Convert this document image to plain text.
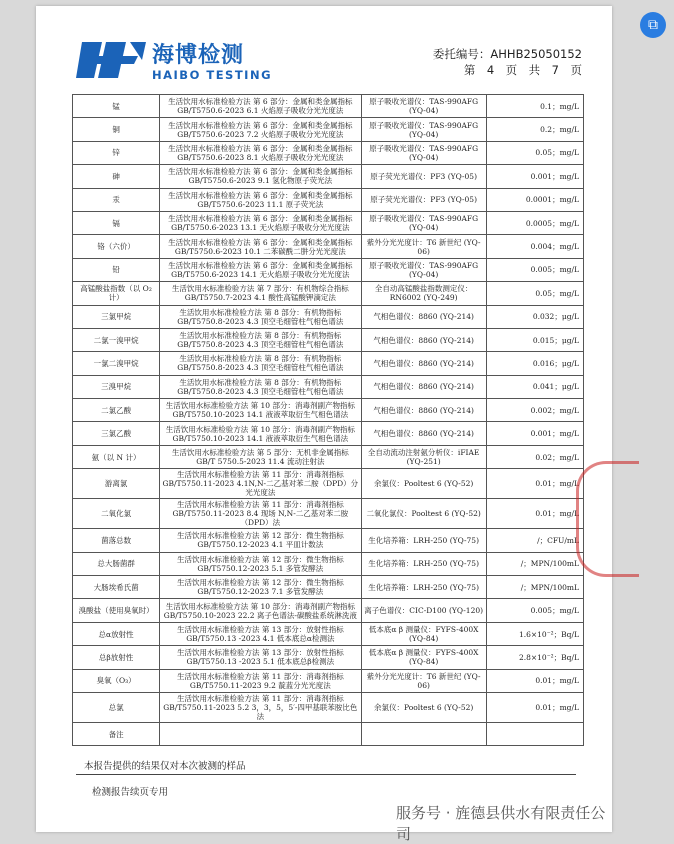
海博检测
HAIBO TESTING
委托编号：AHHB25050152
第　4　页　共　7　页
锰	生活饮用水标准检验方法 第 6 部分：金属和类金属指标 GB/T5750.6-2023 6.1 火焰原子吸收分光光度法	原子吸收光谱仪：TAS-990AFG (YQ-04)	0.1；mg/L
铜	生活饮用水标准检验方法 第 6 部分：金属和类金属指标 GB/T5750.6-2023 7.2 火焰原子吸收分光光度法	原子吸收光谱仪：TAS-990AFG (YQ-04)	0.2；mg/L
锌	生活饮用水标准检验方法 第 6 部分：金属和类金属指标 GB/T5750.6-2023 8.1 火焰原子吸收分光光度法	原子吸收光谱仪：TAS-990AFG (YQ-04)	0.05；mg/L
砷	生活饮用水标准检验方法 第 6 部分：金属和类金属指标 GB/T5750.6-2023 9.1 氢化物原子荧光法	原子荧光光谱仪：PF3 (YQ-05)	0.001；mg/L
汞	生活饮用水标准检验方法 第 6 部分：金属和类金属指标 GB/T5750.6-2023 11.1 原子荧光法	原子荧光光谱仪：PF3 (YQ-05)	0.0001；mg/L
镉	生活饮用水标准检验方法 第 6 部分：金属和类金属指标 GB/T5750.6-2023 13.1 无火焰原子吸收分光光度法	原子吸收光谱仪：TAS-990AFG (YQ-04)	0.0005；mg/L
铬（六价）	生活饮用水标准检验方法 第 6 部分：金属和类金属指标 GB/T5750.6-2023 10.1 二苯碳酰二肼分光光度法	紫外分光光度计：T6 新世纪 (YQ-06)	0.004；mg/L
铅	生活饮用水标准检验方法 第 6 部分：金属和类金属指标 GB/T5750.6-2023 14.1 无火焰原子吸收分光光度法	原子吸收光谱仪：TAS-990AFG (YQ-04)	0.005；mg/L
高锰酸盐指数（以 O₂计）	生活饮用水标准检验方法 第 7 部分：有机物综合指标 GB/T5750.7-2023 4.1 酸性高锰酸钾滴定法	全自动高锰酸盐指数测定仪：RN6002 (YQ-249)	0.05；mg/L
三氯甲烷	生活饮用水标准检验方法 第 8 部分：有机物指标 GB/T5750.8-2023 4.3 顶空毛细管柱气相色谱法	气相色谱仪：8860 (YQ-214)	0.032；μg/L
二氯一溴甲烷	生活饮用水标准检验方法 第 8 部分：有机物指标 GB/T5750.8-2023 4.3 顶空毛细管柱气相色谱法	气相色谱仪：8860 (YQ-214)	0.015；μg/L
一氯二溴甲烷	生活饮用水标准检验方法 第 8 部分：有机物指标 GB/T5750.8-2023 4.3 顶空毛细管柱气相色谱法	气相色谱仪：8860 (YQ-214)	0.016；μg/L
三溴甲烷	生活饮用水标准检验方法 第 8 部分：有机物指标 GB/T5750.8-2023 4.3 顶空毛细管柱气相色谱法	气相色谱仪：8860 (YQ-214)	0.041；μg/L
二氯乙酸	生活饮用水标准检验方法 第 10 部分：消毒剂副产物指标 GB/T5750.10-2023 14.1 液液萃取衍生气相色谱法	气相色谱仪：8860 (YQ-214)	0.002；mg/L
三氯乙酸	生活饮用水标准检验方法 第 10 部分：消毒剂副产物指标 GB/T5750.10-2023 14.1 液液萃取衍生气相色谱法	气相色谱仪：8860 (YQ-214)	0.001；mg/L
氨（以 N 计）	生活饮用水标准检验方法 第 5 部分：无机非金属指标 GB/T 5750.5-2023 11.4 流动注射法	全自动流动注射氨分析仪：iFIAE (YQ-251)	0.02；mg/L
游离氯	生活饮用水标准检验方法 第 11 部分：消毒剂指标 GB/T5750.11-2023 4.1N,N-二乙基对苯二胺（DPD）分光光度法	余氯仪：Pooltest 6 (YQ-52)	0.01；mg/L
二氧化氯	生活饮用水标准检验方法 第 11 部分：消毒剂指标 GB/T5750.11-2023 8.4 现场 N,N-二乙基对苯二胺（DPD）法	二氧化氯仪：Pooltest 6 (YQ-52)	0.01；mg/L
菌落总数	生活饮用水标准检验方法 第 12 部分：微生物指标 GB/T5750.12-2023 4.1 平皿计数法	生化培养箱：LRH-250 (YQ-75)	/；CFU/mL
总大肠菌群	生活饮用水标准检验方法 第 12 部分：微生物指标 GB/T5750.12-2023 5.1 多管发酵法	生化培养箱：LRH-250 (YQ-75)	/；MPN/100mL
大肠埃希氏菌	生活饮用水标准检验方法 第 12 部分：微生物指标 GB/T5750.12-2023 7.1 多管发酵法	生化培养箱：LRH-250 (YQ-75)	/；MPN/100mL
溴酸盐（使用臭氧时）	生活饮用水标准检验方法 第 10 部分：消毒剂副产物指标 GB/T5750.10-2023 22.2 离子色谱法-碳酸盐系统淋洗液	离子色谱仪：CIC-D100 (YQ-120)	0.005；mg/L
总α放射性	生活饮用水标准检验方法 第 13 部分：放射性指标 GB/T5750.13 -2023 4.1 低本底总α检测法	低本底α β 测量仪：FYFS-400X (YQ-84)	1.6×10⁻²；Bq/L
总β放射性	生活饮用水标准检验方法 第 13 部分：放射性指标 GB/T5750.13 -2023 5.1 低本底总β检测法	低本底α β 测量仪：FYFS-400X (YQ-84)	2.8×10⁻²；Bq/L
臭氧（O₃）	生活饮用水标准检验方法 第 11 部分：消毒剂指标 GB/T5750.11-2023 9.2 靛蓝分光光度法	紫外分光光度计：T6 新世纪 (YQ-06)	0.01；mg/L
总氯	生活饮用水标准检验方法 第 11 部分：消毒剂指标 GB/T5750.11-2023 5.2 3，3，5，5′-四甲基联苯胺比色法	余氯仪：Pooltest 6 (YQ-52)	0.01；mg/L
备注			
本报告提供的结果仅对本次被测的样品
检测报告续页专用
服务号 · 旌德县供水有限责任公司
⧉
